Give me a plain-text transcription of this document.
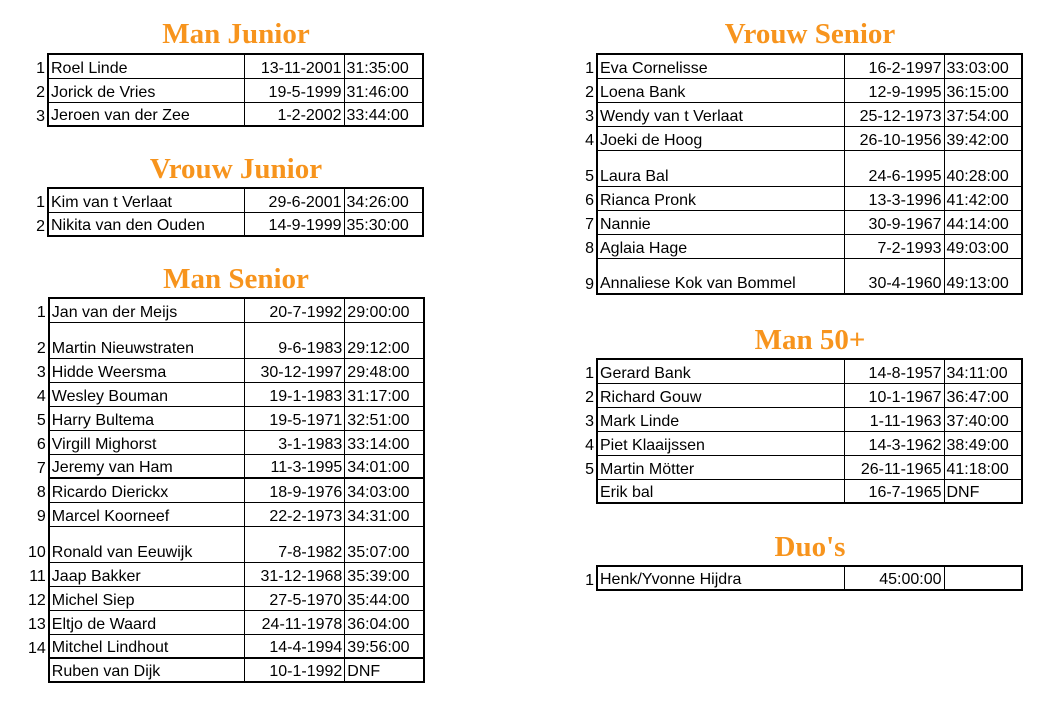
Man Junior
1	Roel Linde	13-11-2001	31:35:00
2	Jorick de Vries	19-5-1999	31:46:00
3	Jeroen van der Zee	1-2-2002	33:44:00
Vrouw Junior
1	Kim van t Verlaat	29-6-2001	34:26:00
2	Nikita van den Ouden	14-9-1999	35:30:00
Man Senior
1	Jan van der Meijs	20-7-1992	29:00:00
2	Martin Nieuwstraten	9-6-1983	29:12:00
3	Hidde Weersma	30-12-1997	29:48:00
4	Wesley Bouman	19-1-1983	31:17:00
5	Harry Bultema	19-5-1971	32:51:00
6	Virgill Mighorst	3-1-1983	33:14:00
7	Jeremy van Ham	11-3-1995	34:01:00
8	Ricardo Dierickx	18-9-1976	34:03:00
9	Marcel Koorneef	22-2-1973	34:31:00
10	Ronald van Eeuwijk	7-8-1982	35:07:00
11	Jaap Bakker	31-12-1968	35:39:00
12	Michel Siep	27-5-1970	35:44:00
13	Eltjo de Waard	24-11-1978	36:04:00
14	Mitchel Lindhout	14-4-1994	39:56:00
	Ruben van Dijk	10-1-1992	DNF
Vrouw Senior
1	Eva Cornelisse	16-2-1997	33:03:00
2	Loena Bank	12-9-1995	36:15:00
3	Wendy van t Verlaat	25-12-1973	37:54:00
4	Joeki de Hoog	26-10-1956	39:42:00
5	Laura Bal	24-6-1995	40:28:00
6	Rianca Pronk	13-3-1996	41:42:00
7	Nannie	30-9-1967	44:14:00
8	Aglaia Hage	7-2-1993	49:03:00
9	Annaliese Kok van Bommel	30-4-1960	49:13:00
Man 50+
1	Gerard Bank	14-8-1957	34:11:00
2	Richard Gouw	10-1-1967	36:47:00
3	Mark Linde	1-11-1963	37:40:00
4	Piet Klaaijssen	14-3-1962	38:49:00
5	Martin Mötter	26-11-1965	41:18:00
	Erik bal	16-7-1965	DNF
Duo's
1	Henk/Yvonne Hijdra	45:00:00	
